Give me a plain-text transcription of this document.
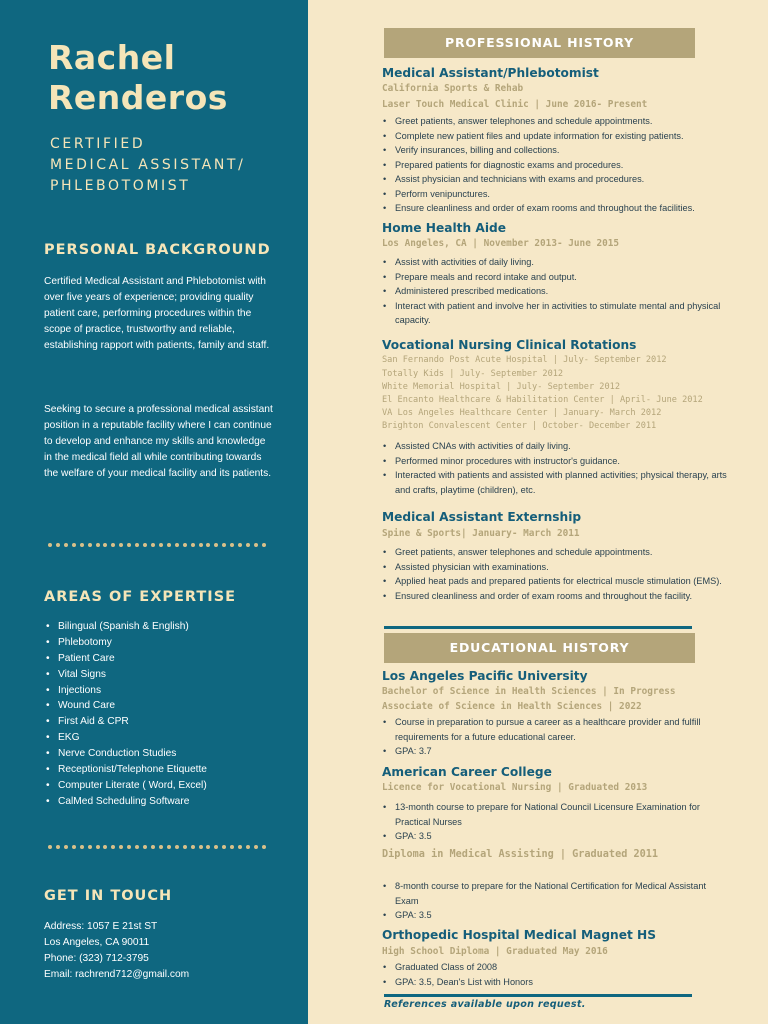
Rachel
Renderos
CERTIFIED
MEDICAL ASSISTANT/
PHLEBOTOMIST
PERSONAL BACKGROUND
Certified Medical Assistant and Phlebotomist with over five years of experience; providing quality patient care, performing procedures within the scope of practice, trustworthy and reliable, establishing rapport with patients, family and staff.
Seeking to secure a professional medical assistant position in a reputable facility where I can continue to develop and enhance my skills and knowledge in the medical field all while contributing towards the welfare of your medical facility and its patients.
AREAS OF EXPERTISE
• Bilingual (Spanish & English)
• Phlebotomy
• Patient Care
• Vital Signs
• Injections
• Wound Care
• First Aid & CPR
• EKG
• Nerve Conduction Studies
• Receptionist/Telephone Etiquette
• Computer Literate ( Word, Excel)
• CalMed Scheduling Software
GET IN TOUCH
Address: 1057 E 21st ST
Los Angeles, CA 90011
Phone: (323) 712-3795
Email: rachrend712@gmail.com
PROFESSIONAL HISTORY
Medical Assistant/Phlebotomist
California Sports & Rehab
Laser Touch Medical Clinic | June 2016- Present
• Greet patients, answer telephones and schedule appointments.
• Complete new patient files and update information for existing patients.
• Verify insurances, billing and collections.
• Prepared patients for diagnostic exams and procedures.
• Assist physician and technicians with exams and procedures.
• Perform venipunctures.
• Ensure cleanliness and order of exam rooms and throughout the facilities.
Home Health Aide
Los Angeles, CA | November 2013- June 2015
• Assist with activities of daily living.
• Prepare meals and record intake and output.
• Administered prescribed medications.
• Interact with patient and involve her in activities to stimulate mental and physical capacity.
Vocational Nursing Clinical Rotations
San Fernando Post Acute Hospital | July- September 2012
Totally Kids | July- September 2012
White Memorial Hospital | July- September 2012
El Encanto Healthcare & Habilitation Center | April- June 2012
VA Los Angeles Healthcare Center | January- March 2012
Brighton Convalescent Center | October- December 2011
• Assisted CNAs with activities of daily living.
• Performed minor procedures with instructor's guidance.
• Interacted with patients and assisted with planned activities; physical therapy, arts and crafts, playtime (children), etc.
Medical Assistant Externship
Spine & Sports| January- March 2011
• Greet patients, answer telephones and schedule appointments.
• Assisted physician with examinations.
• Applied heat pads and prepared patients for electrical muscle stimulation (EMS).
• Ensured cleanliness and order of exam rooms and throughout the facility.
EDUCATIONAL HISTORY
Los Angeles Pacific University
Bachelor of Science in Health Sciences | In Progress
Associate of Science in Health Sciences | 2022
• Course in preparation to pursue a career as a healthcare provider and fulfill requirements for a future educational career.
• GPA: 3.7
American Career College
Licence for Vocational Nursing | Graduated 2013
• 13-month course to prepare for National Council Licensure Examination for Practical Nurses
• GPA: 3.5
Diploma in Medical Assisting | Graduated 2011
• 8-month course to prepare for the National Certification for Medical Assistant Exam
• GPA: 3.5
Orthopedic Hospital Medical Magnet HS
High School Diploma | Graduated May 2016
• Graduated Class of 2008
• GPA: 3.5, Dean's List with Honors
References available upon request.
